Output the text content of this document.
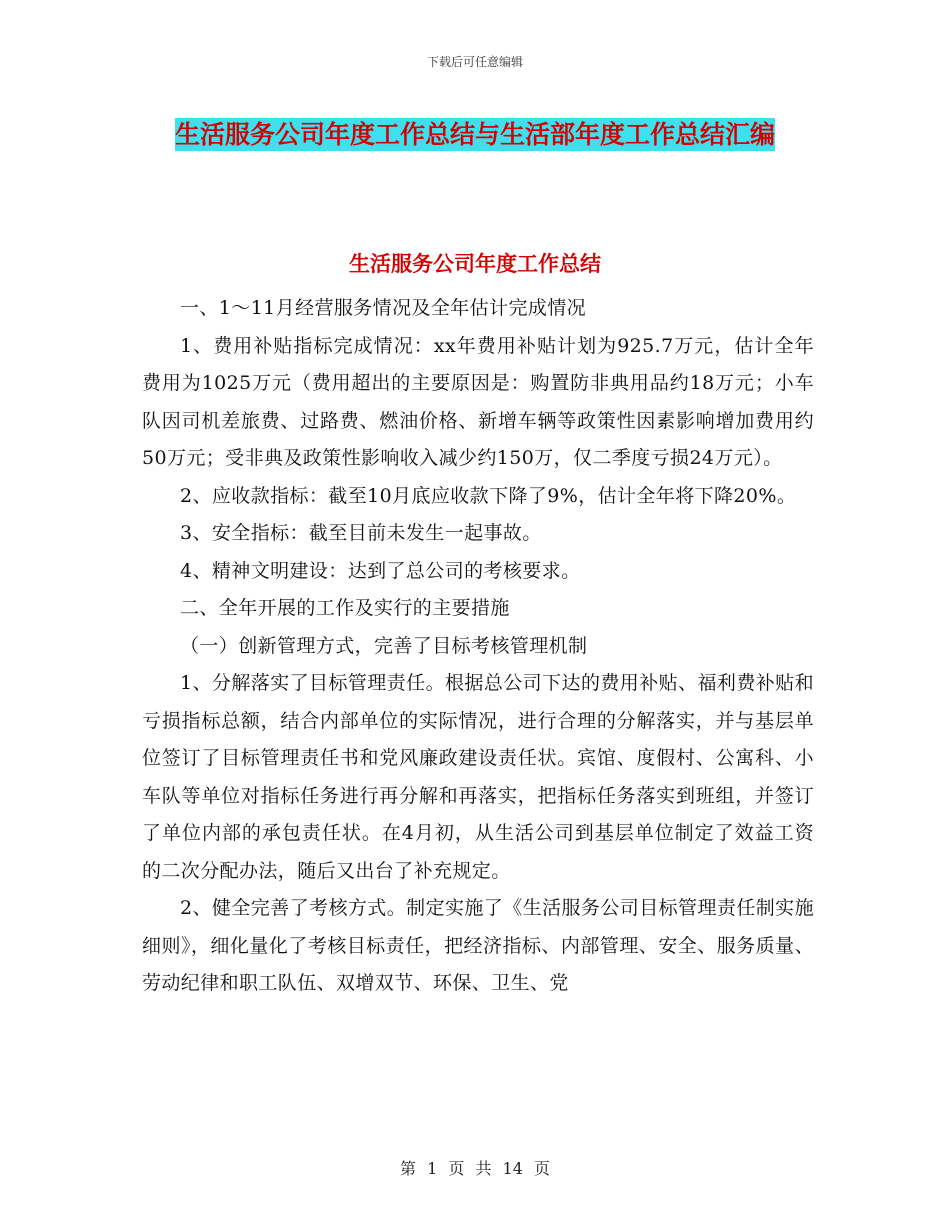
下载后可任意编辑
生活服务公司年度工作总结与生活部年度工作总结汇编
生活服务公司年度工作总结

一、1～11月经营服务情况及全年估计完成情况

1、费用补贴指标完成情况：xx年费用补贴计划为925.7万元，估计全年费用为1025万元（费用超出的主要原因是：购置防非典用品约18万元；小车队因司机差旅费、过路费、燃油价格、新增车辆等政策性因素影响增加费用约50万元；受非典及政策性影响收入减少约150万，仅二季度亏损24万元）。

2、应收款指标：截至10月底应收款下降了9%，估计全年将下降20%。

3、安全指标：截至目前未发生一起事故。

4、精神文明建设：达到了总公司的考核要求。

二、全年开展的工作及实行的主要措施

（一）创新管理方式，完善了目标考核管理机制

1、分解落实了目标管理责任。根据总公司下达的费用补贴、福利费补贴和亏损指标总额，结合内部单位的实际情况，进行合理的分解落实，并与基层单位签订了目标管理责任书和党风廉政建设责任状。宾馆、度假村、公寓科、小车队等单位对指标任务进行再分解和再落实，把指标任务落实到班组，并签订了单位内部的承包责任状。在4月初，从生活公司到基层单位制定了效益工资的二次分配办法，随后又出台了补充规定。

2、健全完善了考核方式。制定实施了《生活服务公司目标管理责任制实施细则》，细化量化了考核目标责任，把经济指标、内部管理、安全、服务质量、劳动纪律和职工队伍、双增双节、环保、卫生、党

第 1 页 共 14 页
